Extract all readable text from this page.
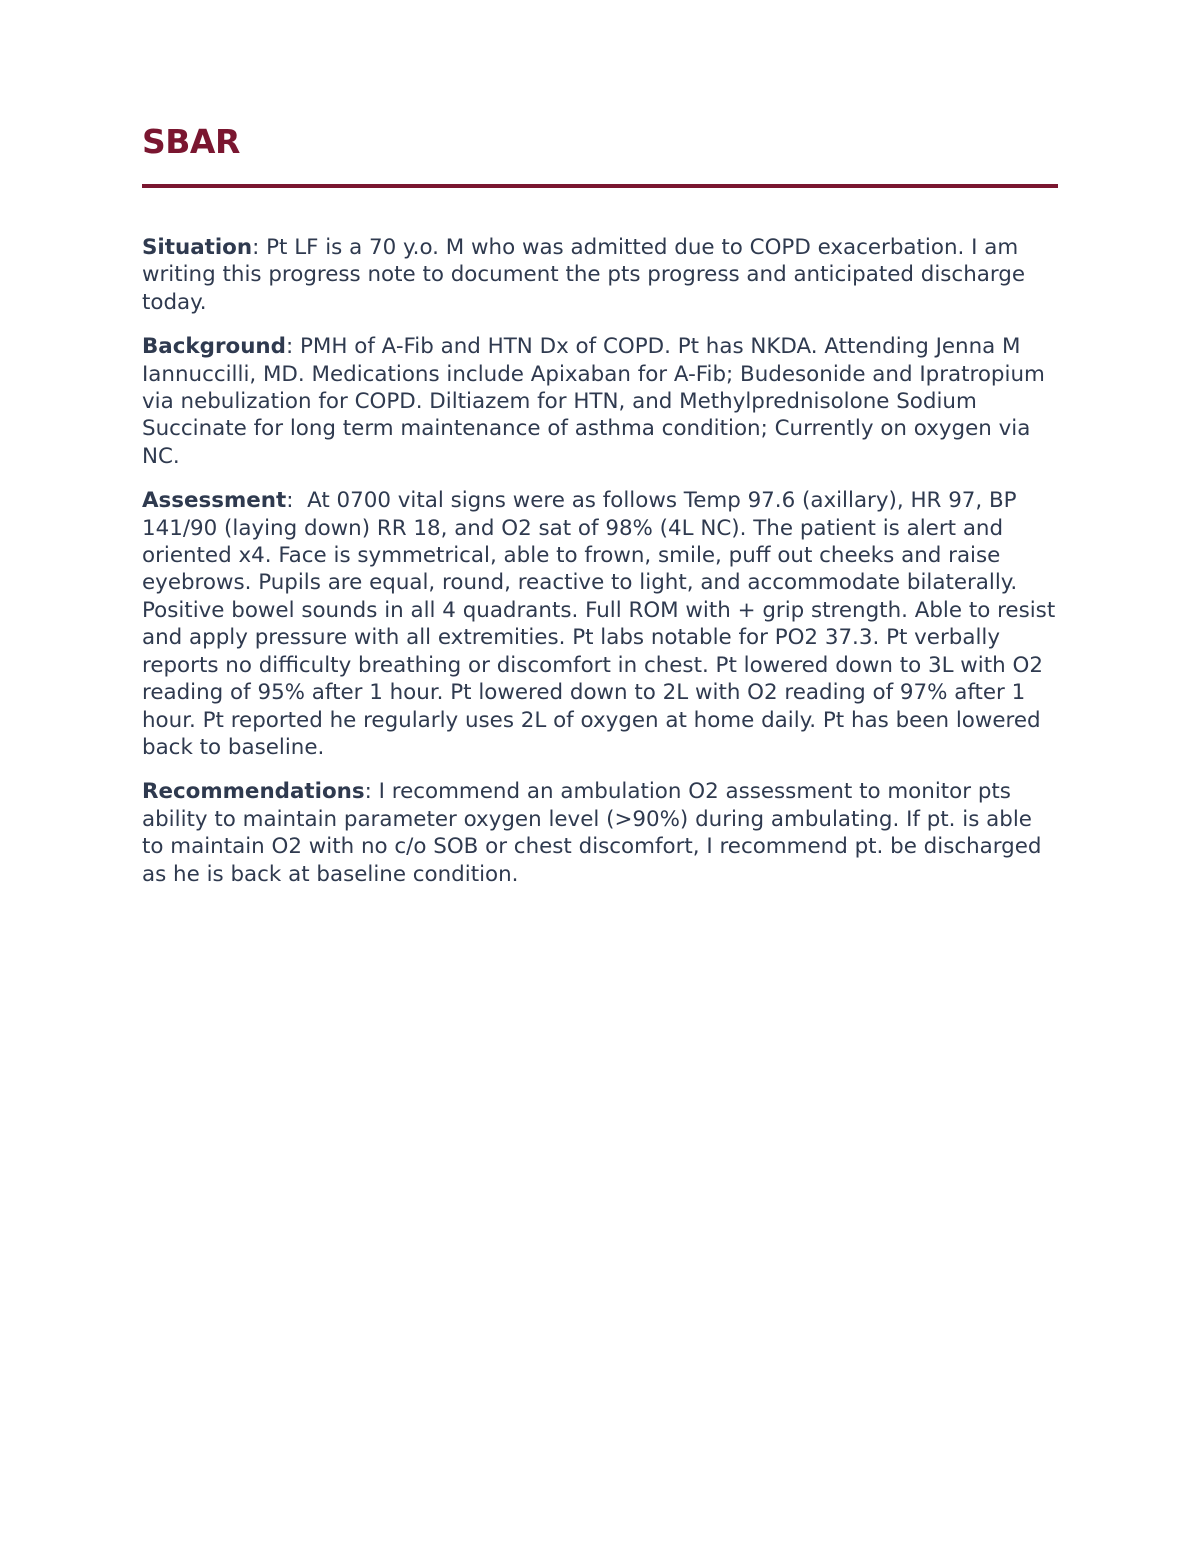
SBAR

Situation: Pt LF is a 70 y.o. M who was admitted due to COPD exacerbation. I am writing this progress note to document the pts progress and anticipated discharge today.

Background: PMH of A-Fib and HTN Dx of COPD. Pt has NKDA. Attending Jenna M Iannuccilli, MD. Medications include Apixaban for A-Fib; Budesonide and Ipratropium via nebulization for COPD. Diltiazem for HTN, and Methylprednisolone Sodium Succinate for long term maintenance of asthma condition; Currently on oxygen via NC.

Assessment:  At 0700 vital signs were as follows Temp 97.6 (axillary), HR 97, BP 141/90 (laying down) RR 18, and O2 sat of 98% (4L NC). The patient is alert and oriented x4. Face is symmetrical, able to frown, smile, puff out cheeks and raise eyebrows. Pupils are equal, round, reactive to light, and accommodate bilaterally. Positive bowel sounds in all 4 quadrants. Full ROM with + grip strength. Able to resist and apply pressure with all extremities. Pt labs notable for PO2 37.3. Pt verbally reports no difficulty breathing or discomfort in chest. Pt lowered down to 3L with O2 reading of 95% after 1 hour. Pt lowered down to 2L with O2 reading of 97% after 1 hour. Pt reported he regularly uses 2L of oxygen at home daily. Pt has been lowered back to baseline.

Recommendations: I recommend an ambulation O2 assessment to monitor pts ability to maintain parameter oxygen level (>90%) during ambulating. If pt. is able to maintain O2 with no c/o SOB or chest discomfort, I recommend pt. be discharged as he is back at baseline condition.
